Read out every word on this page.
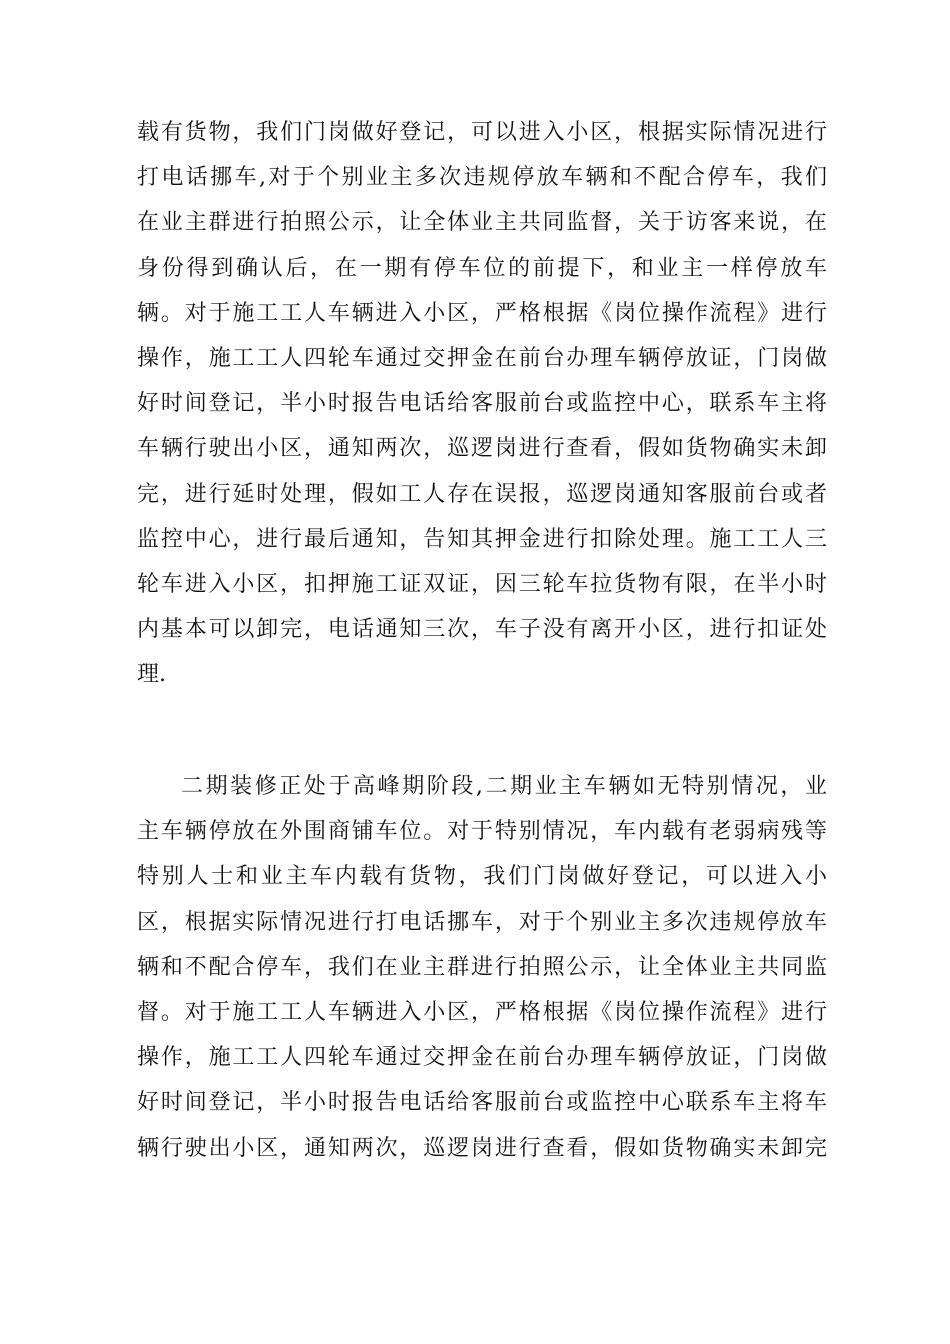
载有货物，我们门岗做好登记，可以进入小区，根据实际情况进行
打电话挪车,对于个别业主多次违规停放车辆和不配合停车，我们
在业主群进行拍照公示，让全体业主共同监督，关于访客来说，在
身份得到确认后，在一期有停车位的前提下，和业主一样停放车
辆。对于施工工人车辆进入小区，严格根据《岗位操作流程》进行
操作，施工工人四轮车通过交押金在前台办理车辆停放证，门岗做
好时间登记，半小时报告电话给客服前台或监控中心，联系车主将
车辆行驶出小区，通知两次，巡逻岗进行查看，假如货物确实未卸
完，进行延时处理，假如工人存在误报，巡逻岗通知客服前台或者
监控中心，进行最后通知，告知其押金进行扣除处理。施工工人三
轮车进入小区，扣押施工证双证，因三轮车拉货物有限，在半小时
内基本可以卸完，电话通知三次，车子没有离开小区，进行扣证处
理.
二期装修正处于高峰期阶段,二期业主车辆如无特别情况，业
主车辆停放在外围商铺车位。对于特别情况，车内载有老弱病残等
特别人士和业主车内载有货物，我们门岗做好登记，可以进入小
区，根据实际情况进行打电话挪车，对于个别业主多次违规停放车
辆和不配合停车，我们在业主群进行拍照公示，让全体业主共同监
督。对于施工工人车辆进入小区，严格根据《岗位操作流程》进行
操作，施工工人四轮车通过交押金在前台办理车辆停放证，门岗做
好时间登记，半小时报告电话给客服前台或监控中心联系车主将车
辆行驶出小区，通知两次，巡逻岗进行查看，假如货物确实未卸完
